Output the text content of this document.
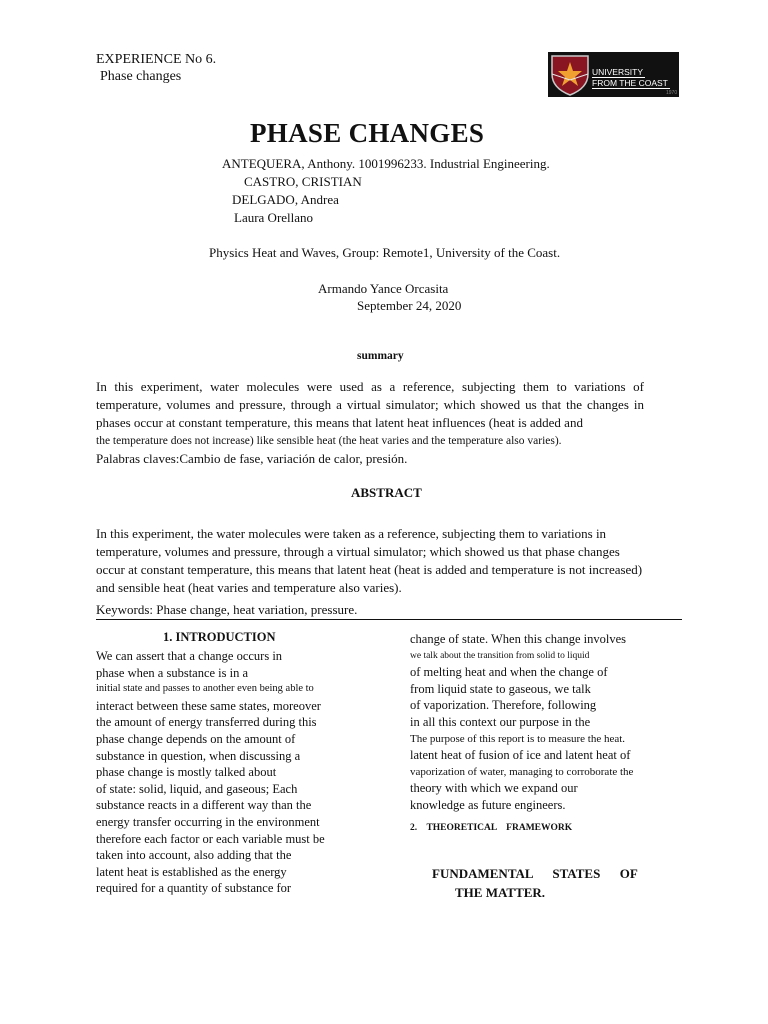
EXPERIENCE No 6.
Phase changes	UNIVERSITY
FROM THE COAST
1970
PHASE CHANGES
ANTEQUERA, Anthony. 1001996233. Industrial Engineering.
CASTRO, CRISTIAN
DELGADO, Andrea
Laura Orellano
Physics Heat and Waves, Group: Remote1, University of the Coast.
Armando Yance Orcasita
September 24, 2020
summary
In this experiment, water molecules were used as a reference, subjecting them to variations of
temperature, volumes and pressure, through a virtual simulator; which showed us that the changes in
phases occur at constant temperature, this means that latent heat influences (heat is added and
the temperature does not increase) like sensible heat (the heat varies and the temperature also varies).
Palabras claves:Cambio de fase, variación de calor, presión.
ABSTRACT
In this experiment, the water molecules were taken as a reference, subjecting them to variations in
temperature, volumes and pressure, through a virtual simulator; which showed us that phase changes
occur at constant temperature, this means that latent heat (heat is added and temperature is not increased)
and sensible heat (heat varies and temperature also varies).
Keywords: Phase change, heat variation, pressure.
1. INTRODUCTION
We can assert that a change occurs in
phase when a substance is in a
initial state and passes to another even being able to
interact between these same states, moreover
the amount of energy transferred during this
phase change depends on the amount of
substance in question, when discussing a
phase change is mostly talked about
of state: solid, liquid, and gaseous; Each
substance reacts in a different way than the
energy transfer occurring in the environment
therefore each factor or each variable must be
taken into account, also adding that the
latent heat is established as the energy
required for a quantity of substance for
change of state. When this change involves
we talk about the transition from solid to liquid
of melting heat and when the change of
from liquid state to gaseous, we talk
of vaporization. Therefore, following
in all this context our purpose in the
The purpose of this report is to measure the heat.
latent heat of fusion of ice and latent heat of
vaporization of water, managing to corroborate the
theory with which we expand our
knowledge as future engineers.
2.    THEORETICAL    FRAMEWORK
FUNDAMENTAL      STATES      OF
THE MATTER.
